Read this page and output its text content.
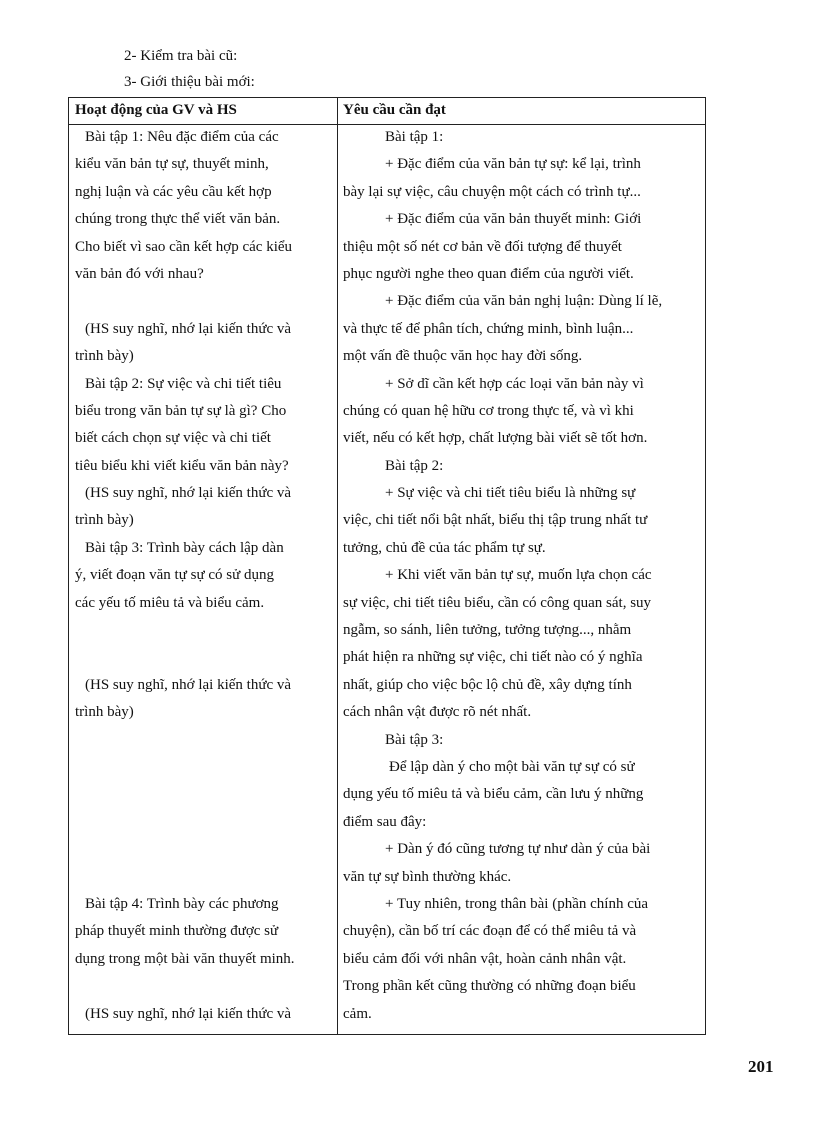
2- Kiểm tra bài cũ:
3- Giới thiệu bài mới:
Hoạt động của GV và HS	Yêu cầu cần đạt
Bài tập 1: Nêu đặc điểm của các
kiểu văn bản tự sự, thuyết minh,
nghị luận và các yêu cầu kết hợp
chúng trong thực thể viết văn bản.
Cho biết vì sao cần kết hợp các kiểu
văn bản đó với nhau?
(HS suy nghĩ, nhớ lại kiến thức và
trình bày)
Bài tập 2: Sự việc và chi tiết tiêu
biểu trong văn bản tự sự là gì? Cho
biết cách chọn sự việc và chi tiết
tiêu biểu khi viết kiểu văn bản này?
(HS suy nghĩ, nhớ lại kiến thức và
trình bày)
Bài tập 3: Trình bày cách lập dàn
ý, viết đoạn văn tự sự có sử dụng
các yếu tố miêu tả và biểu cảm.
(HS suy nghĩ, nhớ lại kiến thức và
trình bày)
Bài tập 4: Trình bày các phương
pháp thuyết minh thường được sử
dụng trong một bài văn thuyết minh.
(HS suy nghĩ, nhớ lại kiến thức và
Bài tập 1:
+ Đặc điểm của văn bản tự sự: kể lại, trình
bày lại sự việc, câu chuyện một cách có trình tự...
+ Đặc điểm của văn bản thuyết minh: Giới
thiệu một số nét cơ bản về đối tượng để thuyết
phục người nghe theo quan điểm của người viết.
+ Đặc điểm của văn bản nghị luận: Dùng lí lẽ,
và thực tế để phân tích, chứng minh, bình luận...
một vấn đề thuộc văn học hay đời sống.
+ Sở dĩ cần kết hợp các loại văn bản này vì
chúng có quan hệ hữu cơ trong thực tế, và vì khi
viết, nếu có kết hợp, chất lượng bài viết sẽ tốt hơn.
Bài tập 2:
+ Sự việc và chi tiết tiêu biểu là những sự
việc, chi tiết nổi bật nhất, biểu thị tập trung nhất tư
tưởng, chủ đề của tác phẩm tự sự.
+ Khi viết văn bản tự sự, muốn lựa chọn các
sự việc, chi tiết tiêu biểu, cần có công quan sát, suy
ngẫm, so sánh, liên tưởng, tưởng tượng..., nhằm
phát hiện ra những sự việc, chi tiết nào có ý nghĩa
nhất, giúp cho việc bộc lộ chủ đề, xây dựng tính
cách nhân vật được rõ nét nhất.
Bài tập 3:
Để lập dàn ý cho một bài văn tự sự có sử
dụng yếu tố miêu tả và biểu cảm, cần lưu ý những
điểm sau đây:
+ Dàn ý đó cũng tương tự như dàn ý của bài
văn tự sự bình thường khác.
+ Tuy nhiên, trong thân bài (phần chính của
chuyện), cần bố trí các đoạn để có thể miêu tả và
biểu cảm đối với nhân vật, hoàn cảnh nhân vật.
Trong phần kết cũng thường có những đoạn biểu
cảm.
201
